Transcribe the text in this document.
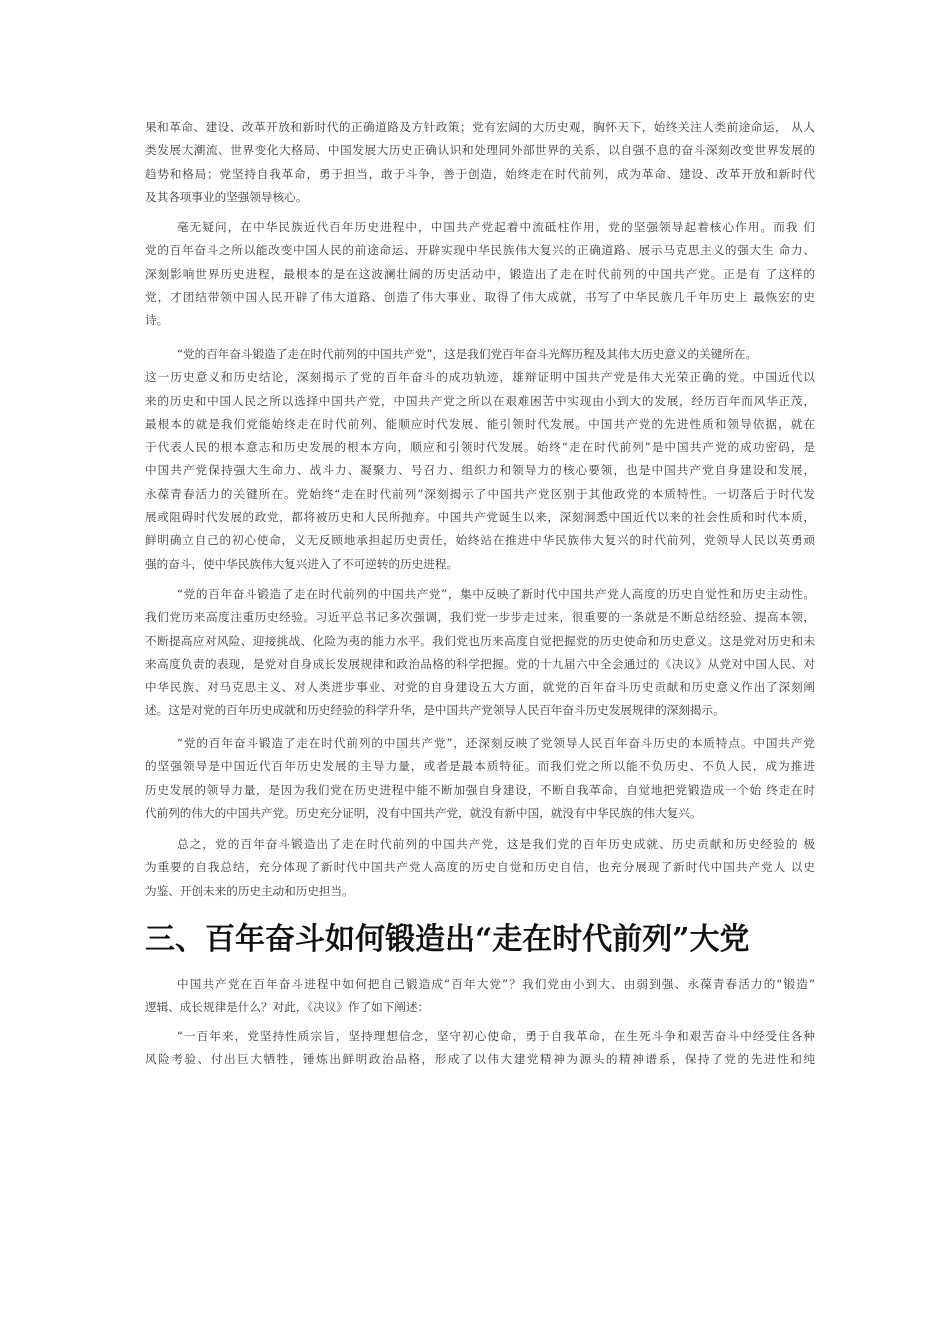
果和革命、建设、改革开放和新时代的正确道路及方针政策；党有宏阔的大历史观，胸怀天下，始终关注人类前途命运， 从人
类发展大潮流、世界变化大格局、中国发展大历史正确认识和处理同外部世界的关系，以自强不息的奋斗深刻改变世界发展的
趋势和格局；党坚持自我革命，勇于担当，敢于斗争，善于创造，始终走在时代前列，成为革命、建设、改革开放和新时代
及其各项事业的坚强领导核心。
毫无疑问，在中华民族近代百年历史进程中，中国共产党起着中流砥柱作用，党的坚强领导起着核心作用。而我 们
党的百年奋斗之所以能改变中国人民的前途命运、开辟实现中华民族伟大复兴的正确道路、展示马克思主义的强大生 命力、
深刻影响世界历史进程，最根本的是在这波澜壮阔的历史活动中，锻造出了走在时代前列的中国共产党。正是有 了这样的
党，才团结带领中国人民开辟了伟大道路、创造了伟大事业、取得了伟大成就，书写了中华民族几千年历史上 最恢宏的史
诗。
“党的百年奋斗锻造了走在时代前列的中国共产党”，这是我们党百年奋斗光辉历程及其伟大历史意义的关键所在。
这一历史意义和历史结论，深刻揭示了党的百年奋斗的成功轨迹，雄辩证明中国共产党是伟大光荣正确的党。中国近代以
来的历史和中国人民之所以选择中国共产党，中国共产党之所以在艰难困苦中实现由小到大的发展，经历百年而风华正茂，
最根本的就是我们党能始终走在时代前列、能顺应时代发展、能引领时代发展。中国共产党的先进性质和领导依据，就在
于代表人民的根本意志和历史发展的根本方向，顺应和引领时代发展。始终“走在时代前列”是中国共产党的成功密码，是
中国共产党保持强大生命力、战斗力、凝聚力、号召力、组织力和领导力的核心要领，也是中国共产党自身建设和发展，
永葆青春活力的关键所在。党始终“走在时代前列”深刻揭示了中国共产党区别于其他政党的本质特性。一切落后于时代发
展或阻碍时代发展的政党，都将被历史和人民所抛弃。中国共产党诞生以来，深刻洞悉中国近代以来的社会性质和时代本质，
鲜明确立自己的初心使命，义无反顾地承担起历史责任，始终站在推进中华民族伟大复兴的时代前列，党领导人民以英勇顽
强的奋斗，使中华民族伟大复兴进入了不可逆转的历史进程。
“党的百年奋斗锻造了走在时代前列的中国共产党”，集中反映了新时代中国共产党人高度的历史自觉性和历史主动性。
我们党历来高度注重历史经验。习近平总书记多次强调，我们党一步步走过来，很重要的一条就是不断总结经验、提高本领，
不断提高应对风险、迎接挑战、化险为夷的能力水平。我们党也历来高度自觉把握党的历史使命和历史意义。这是党对历史和未
来高度负责的表现，是党对自身成长发展规律和政治品格的科学把握。党的十九届六中全会通过的《决议》从党对中国人民、对
中华民族、对马克思主义、对人类进步事业、对党的自身建设五大方面，就党的百年奋斗历史贡献和历史意义作出了深刻阐
述。这是对党的百年历史成就和历史经验的科学升华，是中国共产党领导人民百年奋斗历史发展规律的深刻揭示。
“党的百年奋斗锻造了走在时代前列的中国共产党”，还深刻反映了党领导人民百年奋斗历史的本质特点。中国共产党
的坚强领导是中国近代百年历史发展的主导力量，或者是最本质特征。而我们党之所以能不负历史、不负人民，成为推进
历史发展的领导力量，是因为我们党在历史进程中能不断加强自身建设，不断自我革命，自觉地把党锻造成一个始 终走在时
代前列的伟大的中国共产党。历史充分证明，没有中国共产党，就没有新中国，就没有中华民族的伟大复兴。
总之，党的百年奋斗锻造出了走在时代前列的中国共产党，这是我们党的百年历史成就、历史贡献和历史经验的 极
为重要的自我总结，充分体现了新时代中国共产党人高度的历史自觉和历史自信，也充分展现了新时代中国共产党人 以史
为鉴、开创未来的历史主动和历史担当。
三、百年奋斗如何锻造出“走在时代前列”大党
中国共产党在百年奋斗进程中如何把自己锻造成“百年大党”？我们党由小到大、由弱到强、永葆青春活力的“锻造”
逻辑、成长规律是什么？对此，《决议》作了如下阐述：
“一百年来，党坚持性质宗旨，坚持理想信念，坚守初心使命，勇于自我革命，在生死斗争和艰苦奋斗中经受住各种
风险考验、付出巨大牺牲，锤炼出鲜明政治品格，形成了以伟大建党精神为源头的精神谱系，保持了党的先进性和纯
